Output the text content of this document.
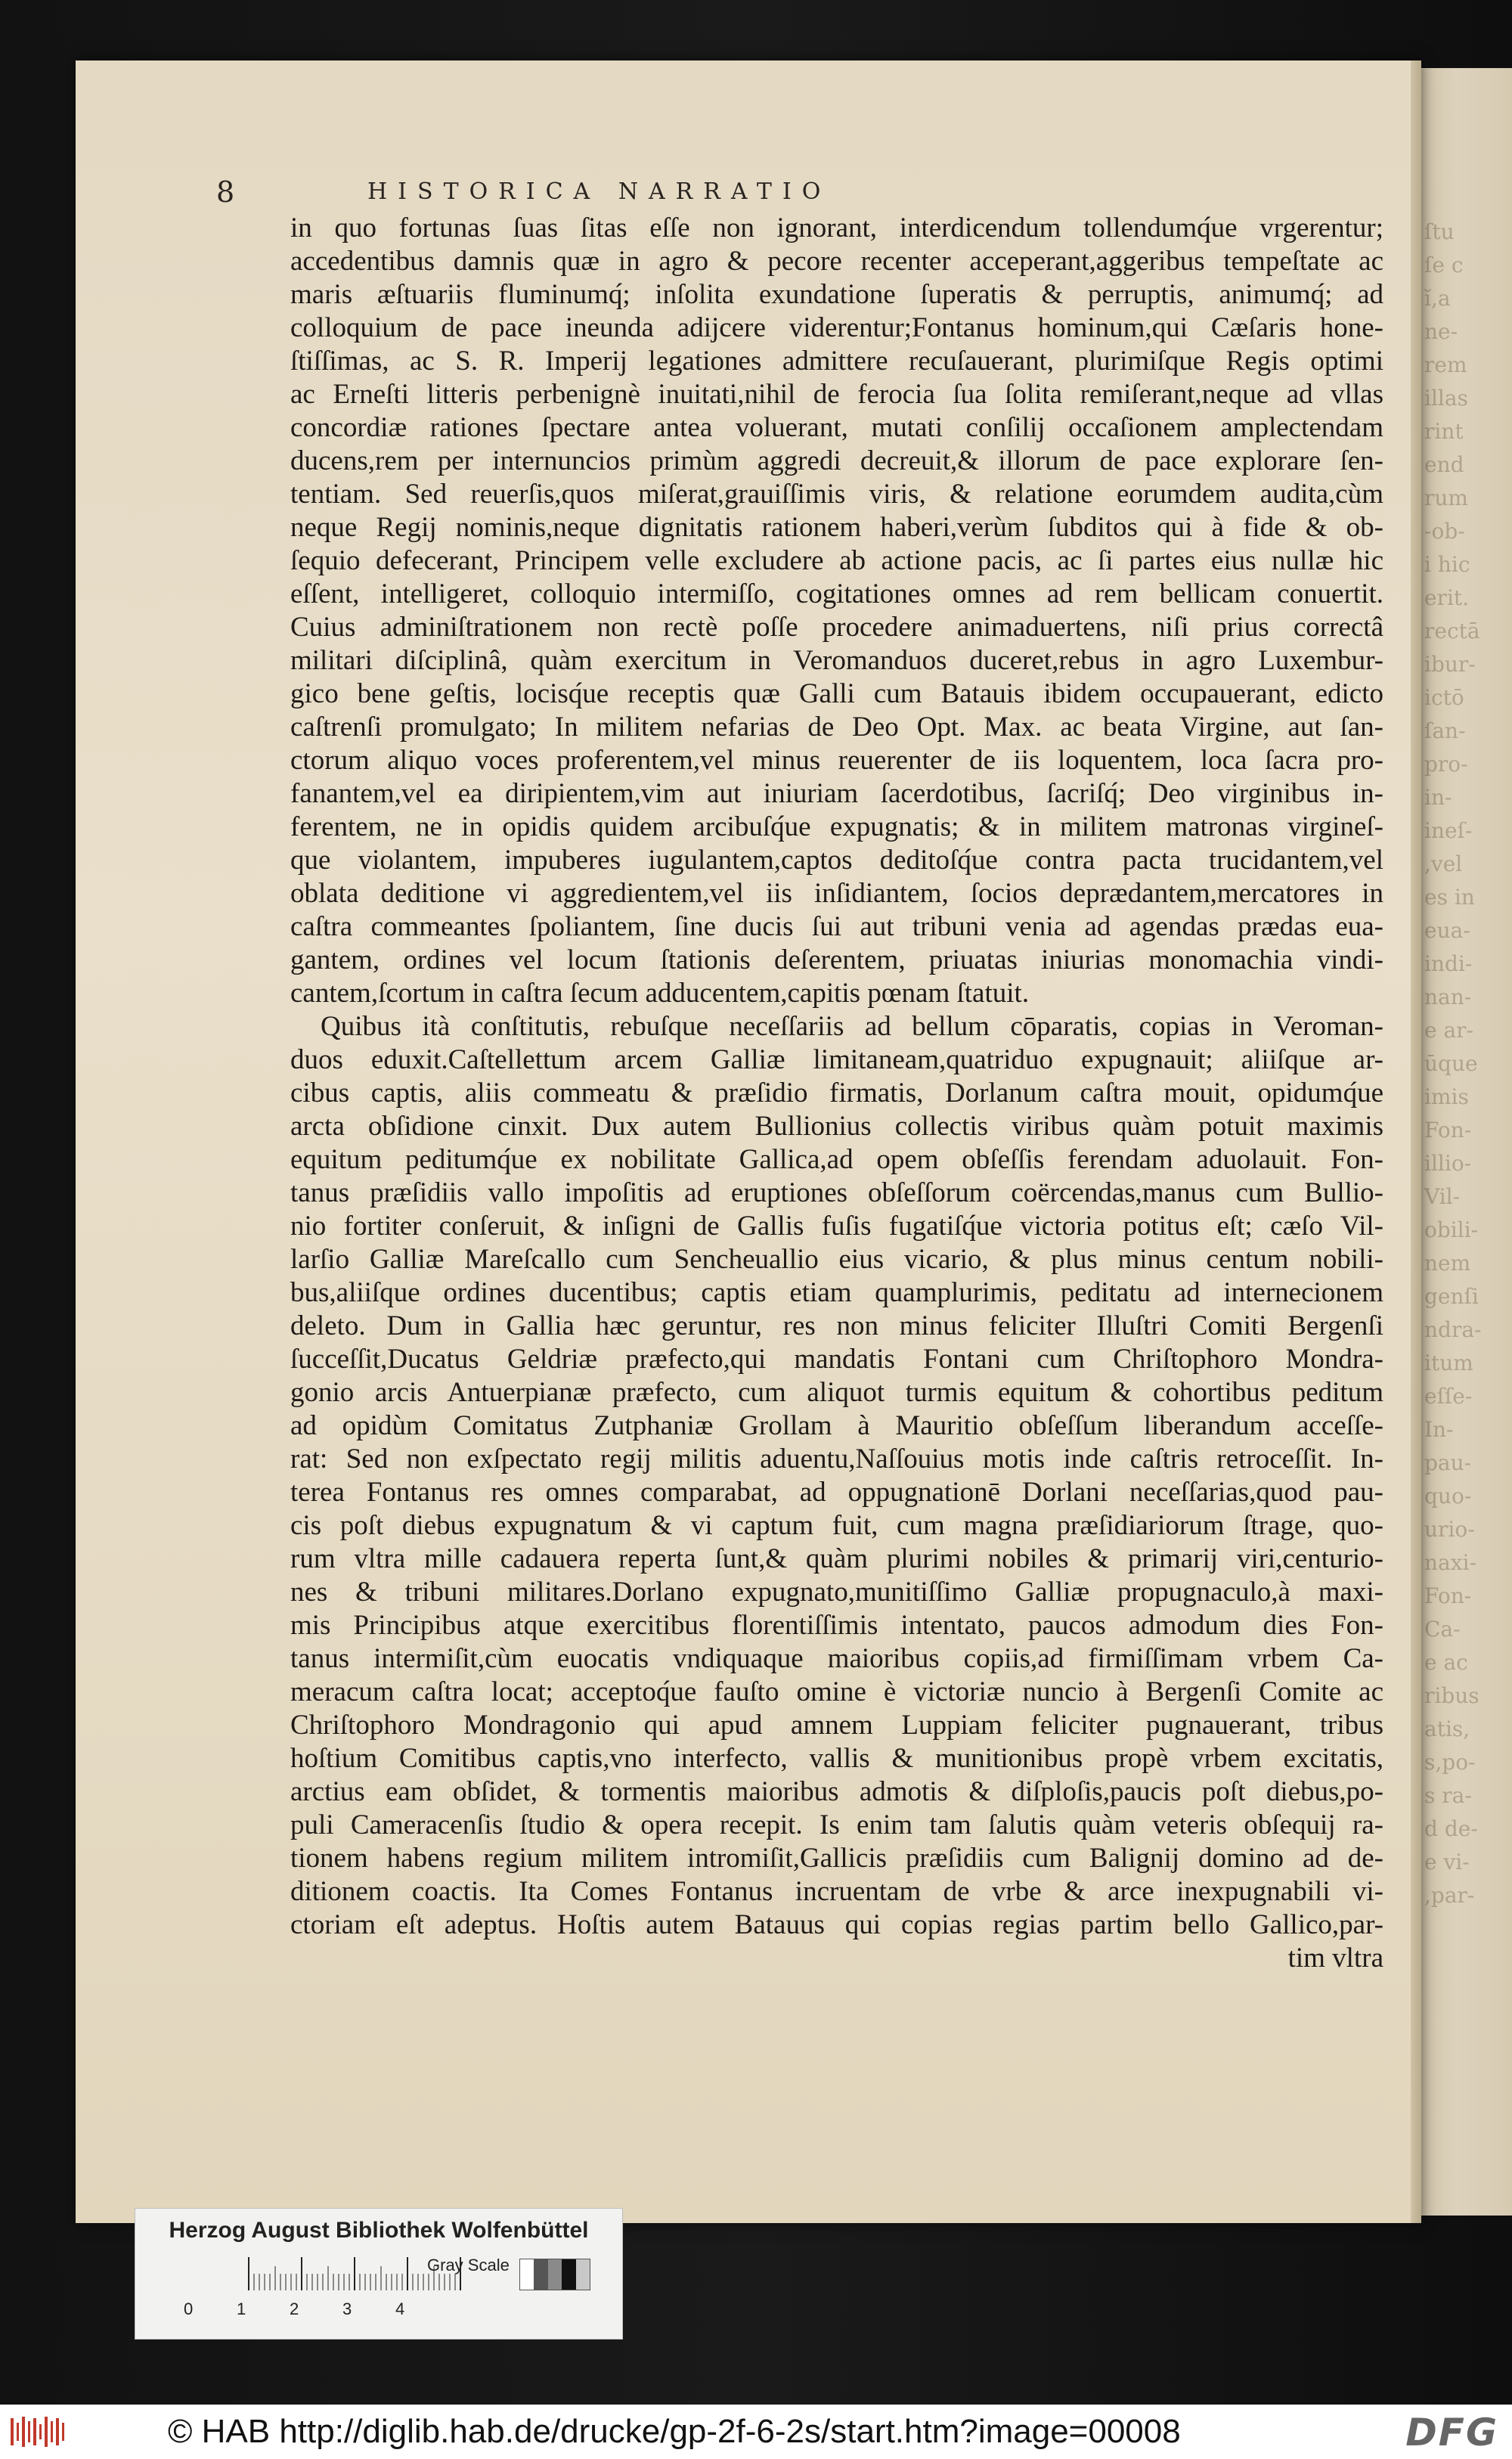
ſtu
ſe c
ĭ,a
ne-
rem
illas
rint
end
rum
-ob-
i hic
erit.
rectā
ibur-
ictō
ſan-
pro-
in-
ineſ-
,vel
es in
eua-
indi-
nan-
e ar-
ūque
imis
Fon-
illio-
Vil-
obili-
nem
genſi
ndra-
itum
eſſe-
In-
pau-
quo-
urio-
naxi-
Fon-
Ca-
e ac
ribus
atis,
s,po-
s ra-
d de-
e vi-
,par-
8	HISTORICA NARRATIO
in quo fortunas ſuas ſitas eſſe non ignorant, interdicendum tollendumq́ue vrgerentur;
accedentibus damnis quæ in agro & pecore recenter acceperant,aggeribus tempeſtate ac
maris æſtuariis fluminumq́; inſolita exundatione ſuperatis & perruptis, animumq́; ad
colloquium de pace ineunda adijcere viderentur;Fontanus hominum,qui Cæſaris hone-
ſtiſſimas, ac S. R. Imperij legationes admittere recuſauerant, plurimiſque Regis optimi
ac Erneſti litteris perbenignè inuitati,nihil de ferocia ſua ſolita remiſerant,neque ad vllas
concordiæ rationes ſpectare antea voluerant, mutati conſilij occaſionem amplectendam
ducens,rem per internuncios primùm aggredi decreuit,& illorum de pace explorare ſen-
tentiam. Sed reuerſis,quos miſerat,grauiſſimis viris, & relatione eorumdem audita,cùm
neque Regij nominis,neque dignitatis rationem haberi,verùm ſubditos qui à fide & ob-
ſequio defecerant, Principem velle excludere ab actione pacis, ac ſi partes eius nullæ hic
eſſent, intelligeret, colloquio intermiſſo, cogitationes omnes ad rem bellicam conuertit.
Cuius adminiſtrationem non rectè poſſe procedere animaduertens, niſi prius correctâ
militari diſciplinâ, quàm exercitum in Veromanduos duceret,rebus in agro Luxembur-
gico bene geſtis, locisq́ue receptis quæ Galli cum Batauis ibidem occupauerant, edicto
caſtrenſi promulgato; In militem nefarias de Deo Opt. Max. ac beata Virgine, aut ſan-
ctorum aliquo voces proferentem,vel minus reuerenter de iis loquentem, loca ſacra pro-
fanantem,vel ea diripientem,vim aut iniuriam ſacerdotibus, ſacriſq́; Deo virginibus in-
ferentem, ne in opidis quidem arcibuſq́ue expugnatis; & in militem matronas virgineſ-
que violantem, impuberes iugulantem,captos deditoſq́ue contra pacta trucidantem,vel
oblata deditione vi aggredientem,vel iis inſidiantem, ſocios deprædantem,mercatores in
caſtra commeantes ſpoliantem, ſine ducis ſui aut tribuni venia ad agendas prædas eua-
gantem, ordines vel locum ſtationis deſerentem, priuatas iniurias monomachia vindi-
cantem,ſcortum in caſtra ſecum adducentem,capitis pœnam ſtatuit.
Quibus ità conſtitutis, rebuſque neceſſariis ad bellum cōparatis, copias in Veroman-
duos eduxit.Caſtellettum arcem Galliæ limitaneam,quatriduo expugnauit; aliiſque ar-
cibus captis, aliis commeatu & præſidio firmatis, Dorlanum caſtra mouit, opidumq́ue
arcta obſidione cinxit. Dux autem Bullionius collectis viribus quàm potuit maximis
equitum peditumq́ue ex nobilitate Gallica,ad opem obſeſſis ferendam aduolauit. Fon-
tanus præſidiis vallo impoſitis ad eruptiones obſeſſorum coërcendas,manus cum Bullio-
nio fortiter conſeruit, & inſigni de Gallis fuſis fugatiſq́ue victoria potitus eſt; cæſo Vil-
larſio Galliæ Mareſcallo cum Sencheuallio eius vicario, & plus minus centum nobili-
bus,aliiſque ordines ducentibus; captis etiam quamplurimis, peditatu ad internecionem
deleto. Dum in Gallia hæc geruntur, res non minus feliciter Illuſtri Comiti Bergenſi
ſucceſſit,Ducatus Geldriæ præfecto,qui mandatis Fontani cum Chriſtophoro Mondra-
gonio arcis Antuerpianæ præfecto, cum aliquot turmis equitum & cohortibus peditum
ad opidùm Comitatus Zutphaniæ Grollam à Mauritio obſeſſum liberandum acceſſe-
rat: Sed non exſpectato regij militis aduentu,Naſſouius motis inde caſtris retroceſſit. In-
terea Fontanus res omnes comparabat, ad oppugnationē Dorlani neceſſarias,quod pau-
cis poſt diebus expugnatum & vi captum fuit, cum magna præſidiariorum ſtrage, quo-
rum vltra mille cadauera reperta ſunt,& quàm plurimi nobiles & primarij viri,centurio-
nes & tribuni militares.Dorlano expugnato,munitiſſimo Galliæ propugnaculo,à maxi-
mis Principibus atque exercitibus florentiſſimis intentato, paucos admodum dies Fon-
tanus intermiſit,cùm euocatis vndiquaque maioribus copiis,ad firmiſſimam vrbem Ca-
meracum caſtra locat; acceptoq́ue fauſto omine è victoriæ nuncio à Bergenſi Comite ac
Chriſtophoro Mondragonio qui apud amnem Luppiam feliciter pugnauerant, tribus
hoſtium Comitibus captis,vno interfecto, vallis & munitionibus propè vrbem excitatis,
arctius eam obſidet, & tormentis maioribus admotis & diſploſis,paucis poſt diebus,po-
puli Cameracenſis ſtudio & opera recepit. Is enim tam ſalutis quàm veteris obſequij ra-
tionem habens regium militem intromiſit,Gallicis præſidiis cum Balignij domino ad de-
ditionem coactis. Ita Comes Fontanus incruentam de vrbe & arce inexpugnabili vi-
ctoriam eſt adeptus. Hoſtis autem Batauus qui copias regias partim bello Gallico,par-
tim vltra
Herzog August Bibliothek Wolfenbüttel
0	1	2	3	4
Gray Scale
© HAB http://diglib.hab.de/drucke/gp-2f-6-2s/start.htm?image=00008	DFG
